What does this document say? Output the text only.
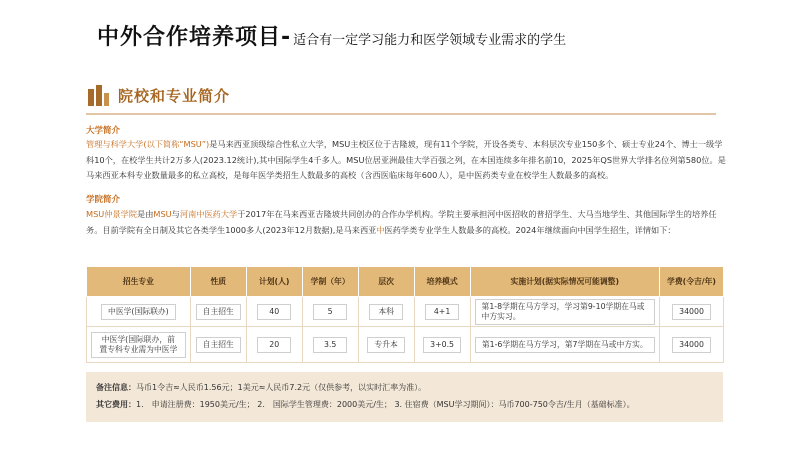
中外合作培养项目- 适合有一定学习能力和医学领域专业需求的学生
院校和专业简介
大学简介
管理与科学大学(以下简称“MSU”)是马来西亚顶级综合性私立大学，MSU主校区位于吉隆坡，现有11个学院，开设各类专、本科层次专业150多个、硕士专业24个、博士一级学科10个，在校学生共计2万多人(2023.12统计),其中国际学生4千多人。MSU位居亚洲最佳大学百强之列，在本国连续多年排名前10，2025年QS世界大学排名位列第580位。是马来西亚本科专业数量最多的私立高校，是每年医学类招生人数最多的高校（含西医临床每年600人），是中医药类专业在校学生人数最多的高校。
学院简介
MSU仲景学院是由MSU与河南中医药大学于2017年在马来西亚吉隆坡共同创办的合作办学机构。学院主要承担河中医招收的普招学生、大马当地学生、其他国际学生的培养任务。目前学院有全日制及其它各类学生1000多人(2023年12月数据),是马来西亚中医药学类专业学生人数最多的高校。2024年继续面向中国学生招生，详情如下：
招生专业	性质	计划(人)	学制（年）	层次	培养模式	实施计划(据实际情况可能调整)	学费(令吉/年)
中医学(国际联办)	自主招生	40	5	本科	4+1	第1-8学期在马方学习，学习第9-10学期在马或中方实习。	34000
中医学(国际联办，前置专科专业需为中医学	自主招生	20	3.5	专升本	3+0.5	第1-6学期在马方学习，第7学期在马或中方实。	34000
备注信息：马币1令吉≈人民币1.56元；1美元≈人民币7.2元（仅供参考，以实时汇率为准）。
其它费用：1.　申请注册费：1950美元/生； 2.　国际学生管理费：2000美元/生； 3. 住宿费（MSU学习期间）：马币700-750令吉/生月（基础标准）。
